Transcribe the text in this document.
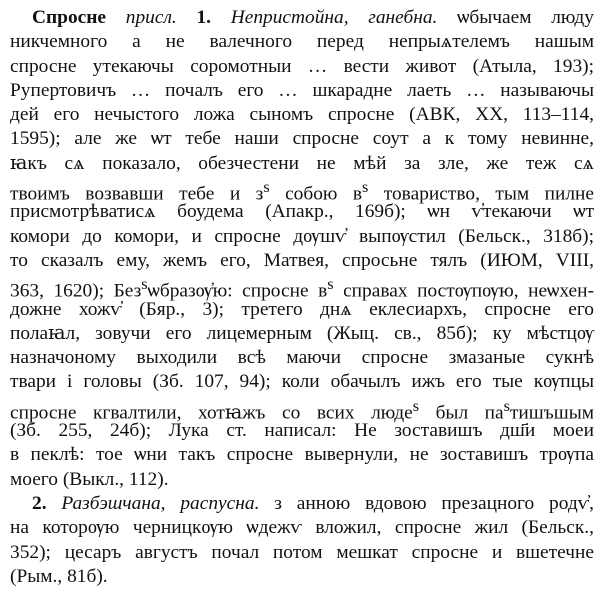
Спросне присл. 1. Непристойна, ганебна. ѡбычаем люду
никчемного а не валечного перед непрыѧтелемъ нашым
спросне утекаючы соромотныи … вести живот (Атыла, 193);
Рупертовичъ … почалъ его … шкарадне лаеть … называючы
дей его нечыстого ложа сыномъ спросне (АВК, XX, 113–114,
1595); але же ѡт тебе наши спросне соут а к тому невинне,
ꙗкъ сѧ показало, обезчестени не мѣй за зле, же теж сѧ
твоимъ возвавши тебе и $з^s$ собою $в^s$ товариство, тым пилне
присмотрѣватисѧ боудема (Апакр., 169б); ѡн ѵ҆текаючи ѡт
комори до комори, и спросне дѹшѵ҆ выпѹстил (Бельск., 318б);
то сказалъ ему, жемъ его, Матвея, спросьне тялъ (ИЮМ, VIII,
363, 1620); Без$^s$ѡбразѹ҆ю: спросне $в^s$ справах постѹпѹю, неѡхен-
дожне хожѵ҆ (Бяр., 3); третего днѧ еклесиархъ, спросне его
полаꙗл, зовучи его лицемерным (Жыц. св., 85б); ку мѣстцѹ
назначоному выходили всѣ маючи спросне змазаные сукнѣ
твари і головы (Зб. 107, 94); коли обачылъ ижъ его тые кѹпцы
спросне кгвалтили, хотꙗжъ со всих люде$^s$ был $па^sтишъшым$
(Зб. 255, 24б); Лука ст. написал: Не зоставишъ дш҃и моеи
в пеклѣ: тое ѡни такъ спросне вывернули, не зоставишъ трѹпа
моего (Выкл., 112).
2. Разбэшчана, распусна. з анною вдовою презацного родѵ҆,
на которѹю черницкѹю ѡдежѵ вложил, спросне жил (Бельск.,
352); цесаръ августъ почал потом мешкат спросне и вшетечне
(Рым., 81б).
